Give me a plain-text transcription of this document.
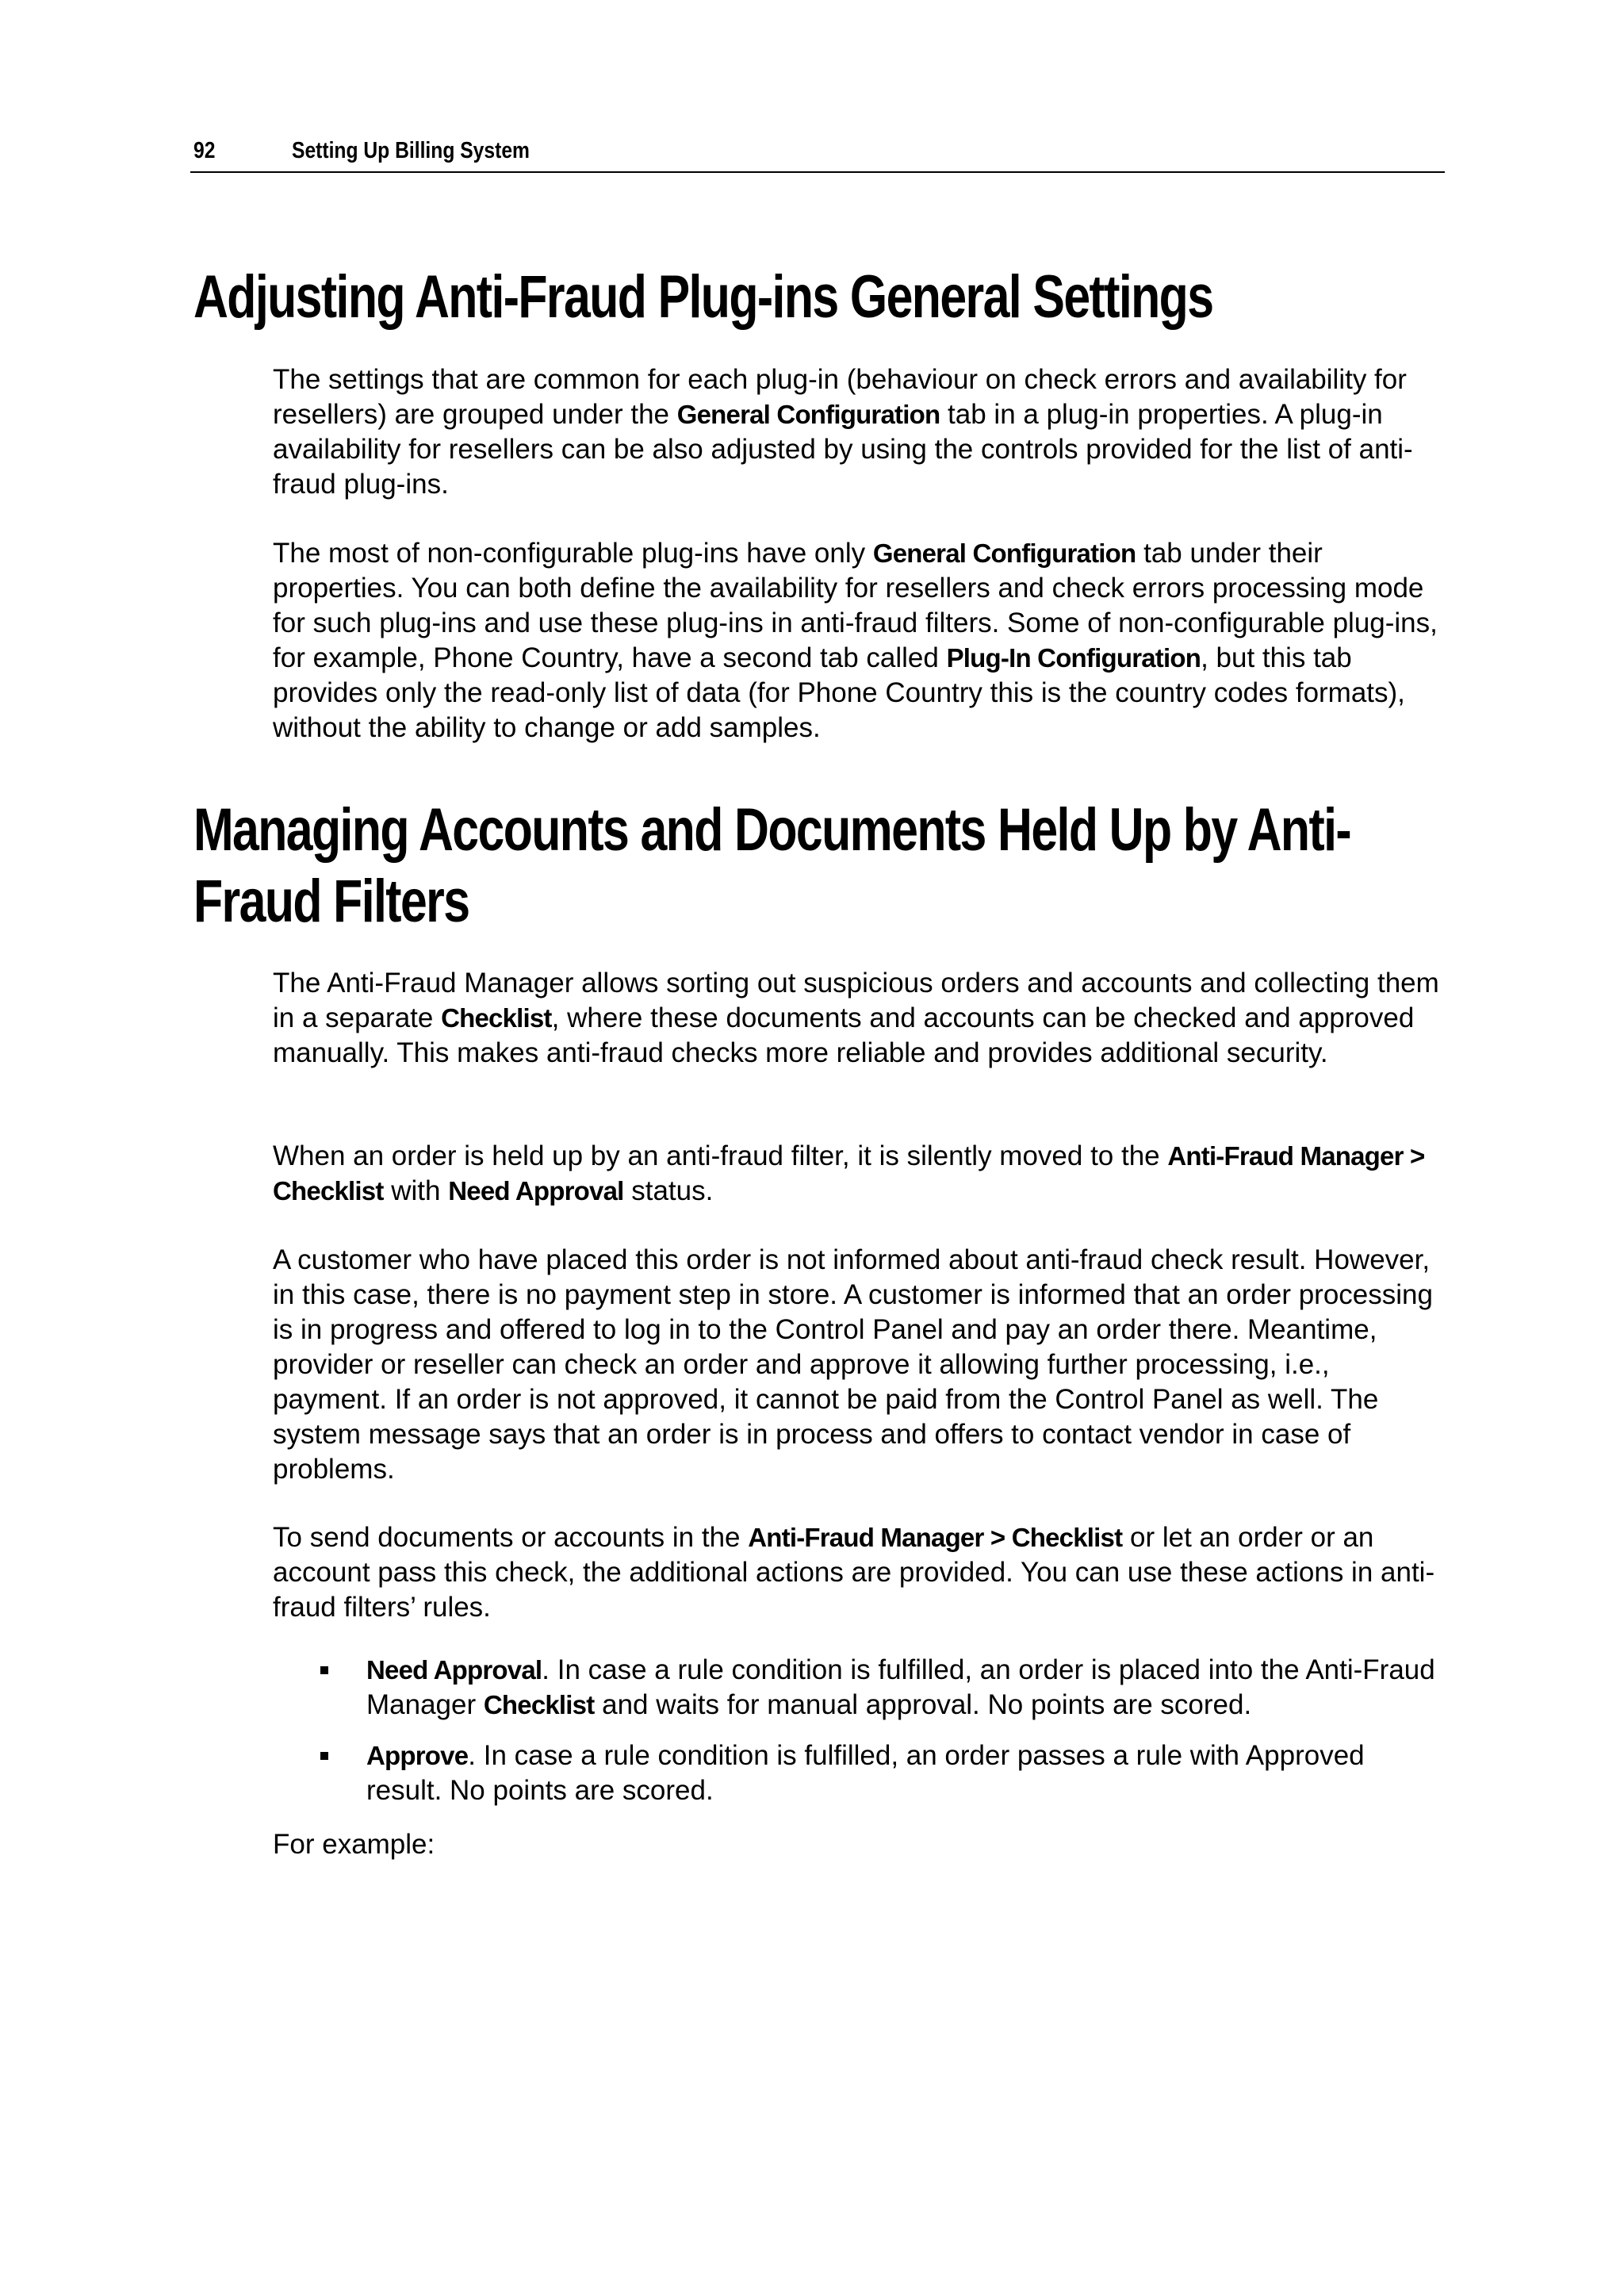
92	Setting Up Billing System
Adjusting Anti-Fraud Plug-ins General Settings

The settings that are common for each plug-in (behaviour on check errors and availability for resellers) are grouped under the General Configuration tab in a plug-in properties. A plug-in availability for resellers can be also adjusted by using the controls provided for the list of anti-fraud plug-ins.

The most of non-configurable plug-ins have only General Configuration tab under their properties. You can both define the availability for resellers and check errors processing mode for such plug-ins and use these plug-ins in anti-fraud filters. Some of non-configurable plug-ins, for example, Phone Country, have a second tab called Plug-In Configuration, but this tab provides only the read-only list of data (for Phone Country this is the country codes formats), without the ability to change or add samples.

Managing Accounts and Documents Held Up by Anti-
Fraud Filters

The Anti-Fraud Manager allows sorting out suspicious orders and accounts and collecting them in a separate Checklist, where these documents and accounts can be checked and approved manually. This makes anti-fraud checks more reliable and provides additional security.

When an order is held up by an anti-fraud filter, it is silently moved to the Anti-Fraud Manager > Checklist with Need Approval status.

A customer who have placed this order is not informed about anti-fraud check result. However, in this case, there is no payment step in store. A customer is informed that an order processing is in progress and offered to log in to the Control Panel and pay an order there. Meantime, provider or reseller can check an order and approve it allowing further processing, i.e., payment. If an order is not approved, it cannot be paid from the Control Panel as well. The system message says that an order is in process and offers to contact vendor in case of problems.

To send documents or accounts in the Anti-Fraud Manager > Checklist or let an order or an account pass this check, the additional actions are provided. You can use these actions in anti-fraud filters’ rules.

Need Approval. In case a rule condition is fulfilled, an order is placed into the Anti-Fraud Manager Checklist and waits for manual approval. No points are scored.
Approve. In case a rule condition is fulfilled, an order passes a rule with Approved result. No points are scored.

For example:
